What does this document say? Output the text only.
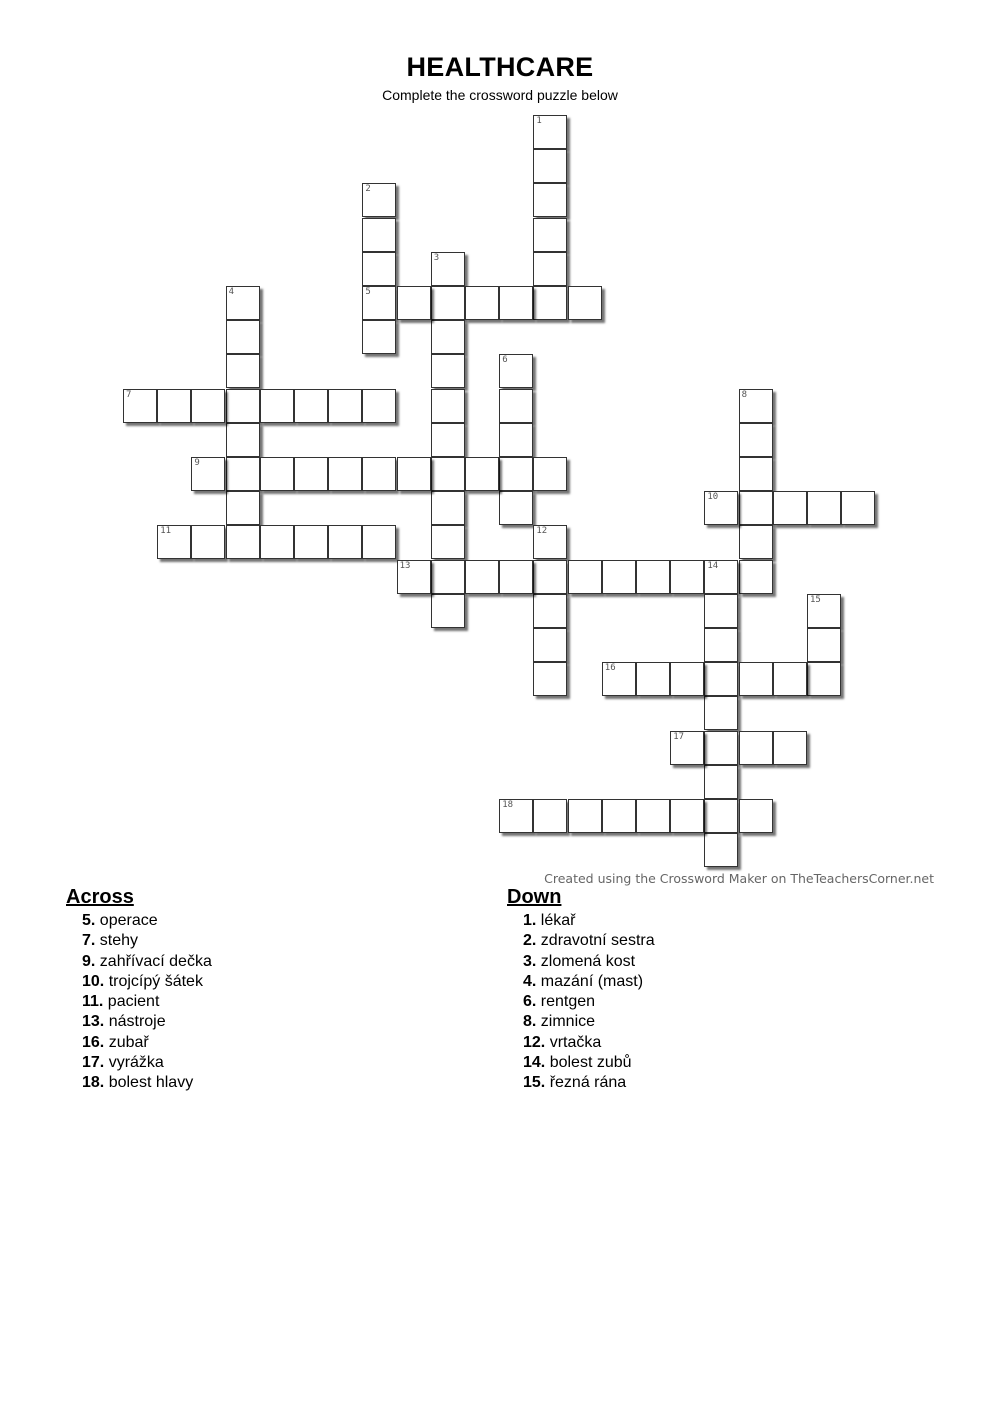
HEALTHCARE
Complete the crossword puzzle below
1
2
5
3
4
6
7	8
9
10
11	12
13	14
15
16
17
18
Created using the Crossword Maker on TheTeachersCorner.net
Across
5. operace
7. stehy
9. zahřívací dečka
10. trojcípý šátek
11. pacient
13. nástroje
16. zubař
17. vyrážka
18. bolest hlavy
Down
1. lékař
2. zdravotní sestra
3. zlomená kost
4. mazání (mast)
6. rentgen
8. zimnice
12. vrtačka
14. bolest zubů
15. řezná rána
